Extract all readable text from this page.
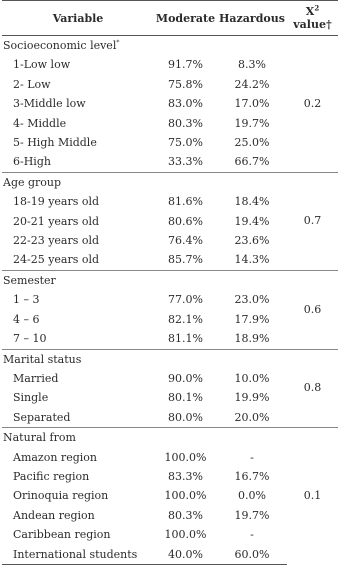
Variable	Moderate	Hazardous	$X^2$
value†
Socioeconomic level*			0.2
1-Low low	91.7%	8.3%	
2- Low	75.8%	24.2%	
3-Middle low	83.0%	17.0%	
4- Middle	80.3%	19.7%	
5- High Middle	75.0%	25.0%	
6-High	33.3%	66.7%	
Age group			0.7
18-19 years old	81.6%	18.4%	
20-21 years old	80.6%	19.4%	
22-23 years old	76.4%	23.6%	
24-25 years old	85.7%	14.3%	
Semester			0.6
1 – 3	77.0%	23.0%	
4 – 6	82.1%	17.9%	
7 – 10	81.1%	18.9%	
Marital status			0.8
Married	90.0%	10.0%	
Single	80.1%	19.9%	
Separated	80.0%	20.0%	
Natural from			0.1
Amazon region	100.0%	-	
Pacific region	83.3%	16.7%	
Orinoquia region	100.0%	0.0%	
Andean region	80.3%	19.7%	
Caribbean region	100.0%	-	
International students	40.0%	60.0%	
